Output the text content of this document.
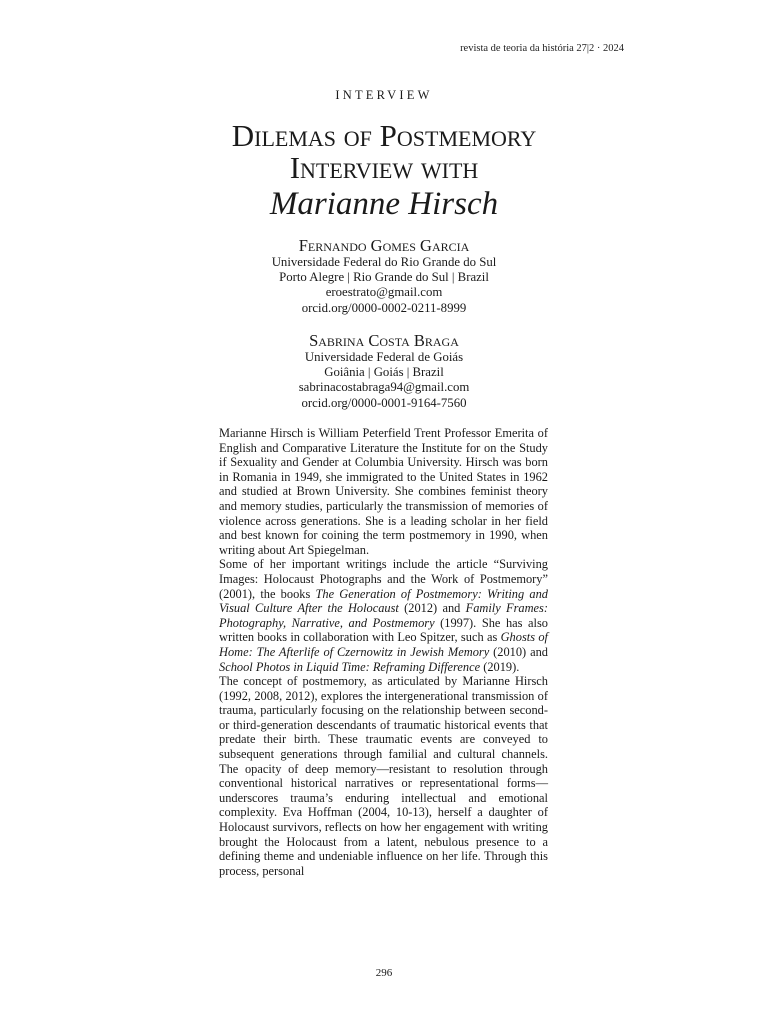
revista de teoria da história 27|2 · 2024
INTERVIEW
Dilemas of Postmemory
Interview with
Marianne Hirsch
Fernando Gomes Garcia
Universidade Federal do Rio Grande do Sul
Porto Alegre | Rio Grande do Sul | Brazil
eroestrato@gmail.com
orcid.org/0000-0002-0211-8999
Sabrina Costa Braga
Universidade Federal de Goiás
Goiânia | Goiás | Brazil
sabrinacostabraga94@gmail.com
orcid.org/0000-0001-9164-7560

Marianne Hirsch is William Peterfield Trent Professor Emerita of English and Comparative Literature the Institute for on the Study if Sexuality and Gender at Columbia University. Hirsch was born in Romania in 1949, she immigrated to the United States in 1962 and studied at Brown University. She combines feminist theory and memory studies, particularly the transmission of memories of violence across generations. She is a leading scholar in her field and best known for coining the term postmemory in 1990, when writing about Art Spiegelman.

Some of her important writings include the article “Surviving Images: Holocaust Photographs and the Work of Postmemory” (2001), the books The Generation of Postmemory: Writing and Visual Culture After the Holocaust (2012) and Family Frames: Photography, Narrative, and Postmemory (1997). She has also written books in collaboration with Leo Spitzer, such as Ghosts of Home: The Afterlife of Czernowitz in Jewish Memory (2010) and School Photos in Liquid Time: Reframing Difference (2019).

The concept of postmemory, as articulated by Marianne Hirsch (1992, 2008, 2012), explores the intergenerational transmission of trauma, particularly focusing on the relationship between second- or third-generation descendants of traumatic historical events that predate their birth. These traumatic events are conveyed to subsequent generations through familial and cultural channels. The opacity of deep memory—resistant to resolution through conventional historical narratives or representational forms—underscores trauma’s enduring intellectual and emotional complexity. Eva Hoffman (2004, 10-13), herself a daughter of Holocaust survivors, reflects on how her engagement with writing brought the Holocaust from a latent, nebulous presence to a defining theme and undeniable influence on her life. Through this process, personal

296
